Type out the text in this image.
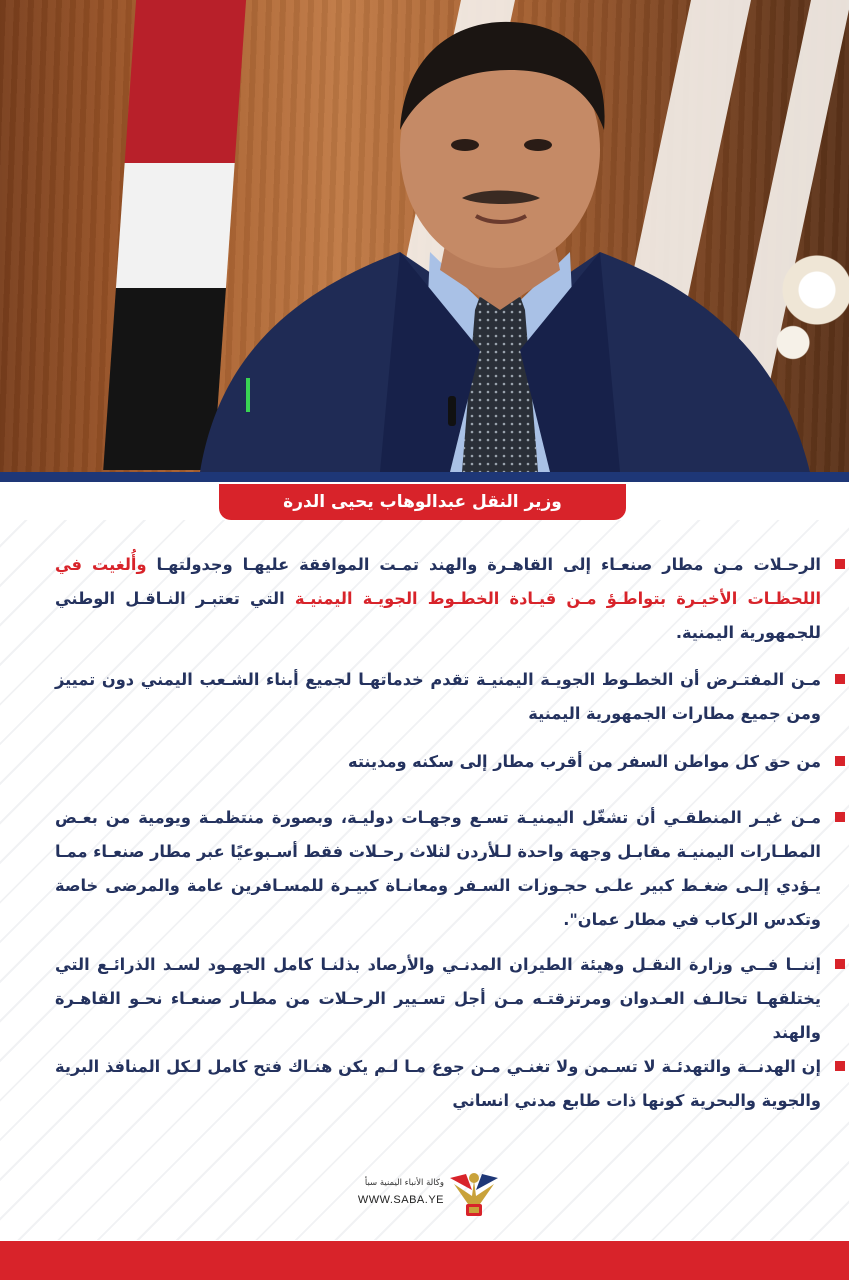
وزير النقل عبدالوهاب يحيى الدرة
الرحـلات مـن مطار صنعـاء إلى القاهـرة والهند تمـت الموافقة عليهـا وجدولتهـا وأُلغيت في اللحظـات الأخيـرة بتواطـؤ مـن قيـادة الخطـوط الجويـة اليمنيـة التي تعتبـر النـاقـل الوطني للجمهورية اليمنية.
مـن المفتـرض أن الخطـوط الجويـة اليمنيـة تقدم خدماتهـا لجميع أبناء الشـعب اليمني دون تمييز ومن جميع مطارات الجمهورية اليمنية
من حق كل مواطن السفر من أقرب مطار إلى سكنه ومدينته
مـن غيـر المنطقـي أن تشغّل اليمنيـة تسـع وجهـات دوليـة، وبصورة منتظمـة ويومية من بعـض المطـارات اليمنيـة مقابـل وجهة واحدة لـلأردن لثلاث رحـلات فقط أسـبوعيًا عبر مطار صنعـاء ممـا يـؤدي إلـى ضغـط كبير علـى حجـوزات السـفر ومعانـاة كبيـرة للمسـافرين عامة والمرضى خاصة وتكدس الركاب في مطار عمان".
إننــا فــي وزارة النقـل وهيئة الطيران المدنـي والأرصاد بذلنـا كامل الجهـود لسـد الذرائـع التي يختلقهـا تحالـف العـدوان ومرتزقتـه مـن أجل تسـيير الرحـلات من مطـار صنعـاء نحـو القاهـرة والهند
إن الهدنــة والتهدئـة لا تسـمن ولا تغنـي مـن جوع مـا لـم يكن هنـاك فتح كامل لـكل المنافذ البرية والجوية والبحرية كونها ذات طابع مدني انساني
وكالة الأنباء اليمنية سبأ
WWW.SABA.YE
